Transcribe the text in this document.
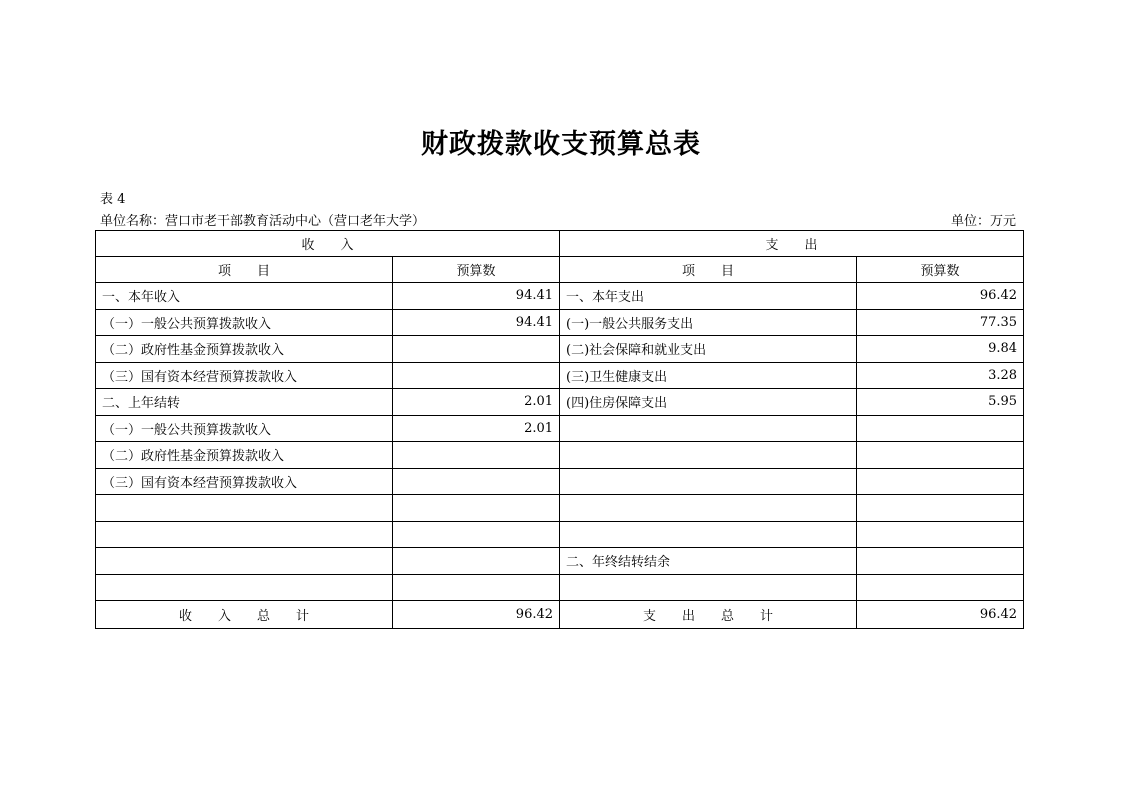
财政拨款收支预算总表
表 4
单位名称：营口市老干部教育活动中心（营口老年大学）	单位：万元
收　　入		支　　出	
项　　目	预算数	项　　目	预算数
一、本年收入	94.41	一、本年支出	96.42
（一）一般公共预算拨款收入	94.41	(一)一般公共服务支出	77.35
（二）政府性基金预算拨款收入		(二)社会保障和就业支出	9.84
（三）国有资本经营预算拨款收入		(三)卫生健康支出	3.28
二、上年结转	2.01	(四)住房保障支出	5.95
（一）一般公共预算拨款收入	2.01		
（二）政府性基金预算拨款收入			
（三）国有资本经营预算拨款收入			

		二、年终结转结余	

收　　入　　总　　计	96.42	支　　出　　总　　计	96.42
